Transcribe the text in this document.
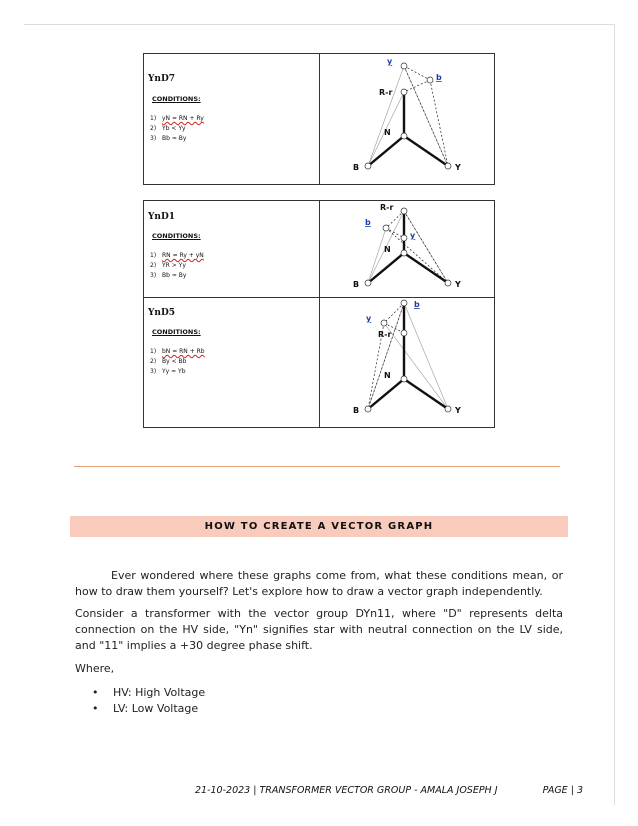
YnD7
CONDITIONS:
1) yN = RN + Ry
2) Yb < Yy
3) Bb ≈ By
y
b
R-r
N
B	Y
YnD1
CONDITIONS:
1) RN = Ry + yN
2) YR > Yy
3) Bb ≈ By
R-r
b
y
N
B	Y
YnD5
CONDITIONS:
1) bN = RN + Rb
2) By < Bb
3) Yy ≈ Yb
b
y
R-r
N
B	Y
HOW TO CREATE A VECTOR GRAPH

Ever wondered where these graphs come from, what these conditions mean, or how to draw them yourself? Let's explore how to draw a vector graph independently.

Consider a transformer with the vector group DYn11, where "D" represents delta connection on the HV side, "Yn" signifies star with neutral connection on the LV side, and "11" implies a +30 degree phase shift.

Where,

• HV: High Voltage
• LV: Low Voltage
21-10-2023 | TRANSFORMER VECTOR GROUP - AMALA JOSEPH J	PAGE | 3
